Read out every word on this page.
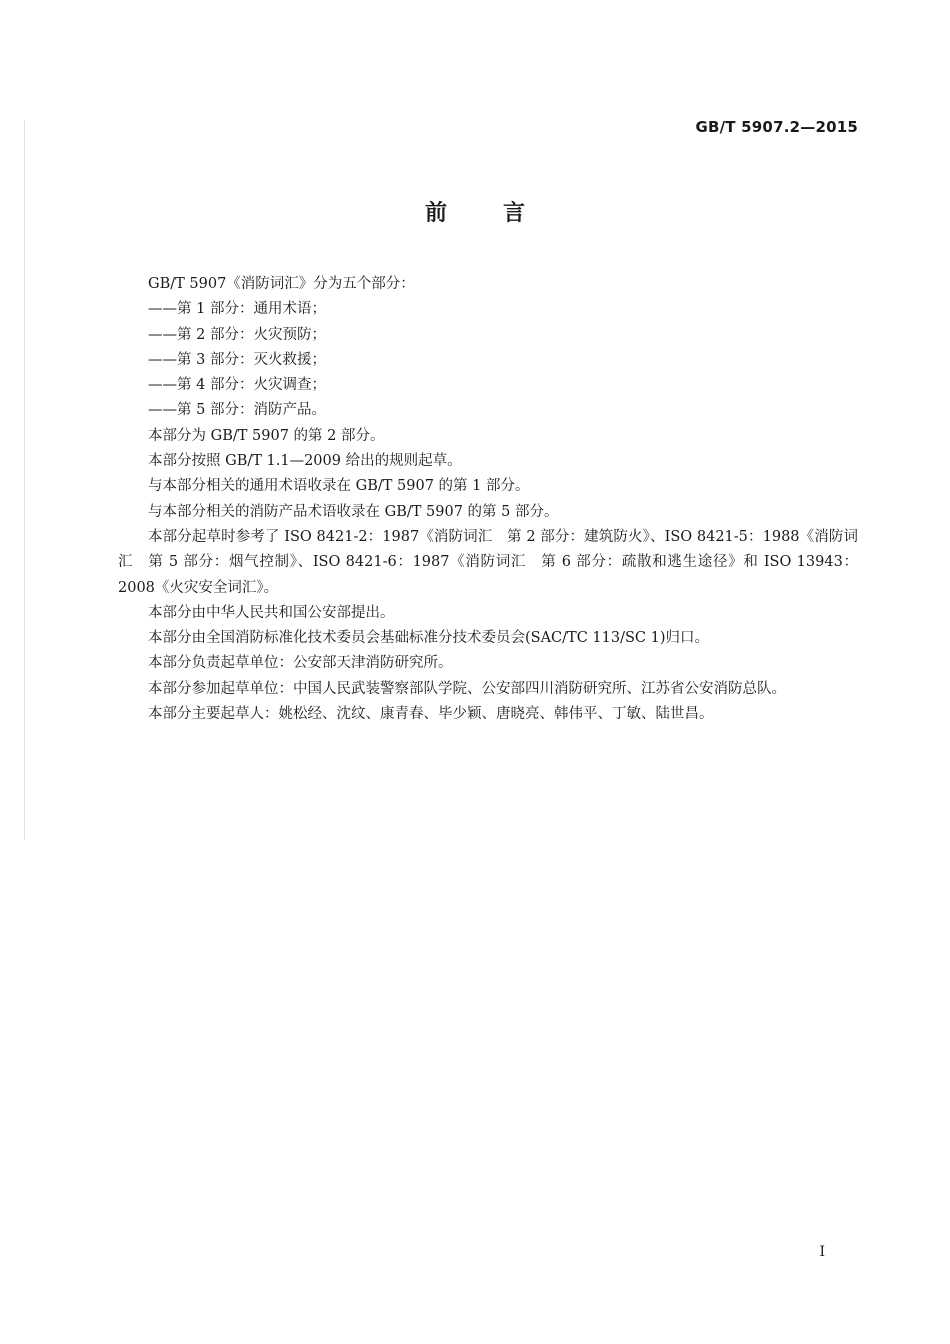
GB/T 5907.2—2015
前言

GB/T 5907《消防词汇》分为五个部分：

——第 1 部分：通用术语；

——第 2 部分：火灾预防；

——第 3 部分：灭火救援；

——第 4 部分：火灾调查；

——第 5 部分：消防产品。

本部分为 GB/T 5907 的第 2 部分。

本部分按照 GB/T 1.1—2009 给出的规则起草。

与本部分相关的通用术语收录在 GB/T 5907 的第 1 部分。

与本部分相关的消防产品术语收录在 GB/T 5907 的第 5 部分。

本部分起草时参考了 ISO 8421-2：1987《消防词汇　第 2 部分：建筑防火》、ISO 8421-5：1988《消防词汇　第 5 部分：烟气控制》、ISO 8421-6：1987《消防词汇　第 6 部分：疏散和逃生途径》和 ISO 13943：2008《火灾安全词汇》。

本部分由中华人民共和国公安部提出。

本部分由全国消防标准化技术委员会基础标准分技术委员会(SAC/TC 113/SC 1)归口。

本部分负责起草单位：公安部天津消防研究所。

本部分参加起草单位：中国人民武装警察部队学院、公安部四川消防研究所、江苏省公安消防总队。

本部分主要起草人：姚松经、沈纹、康青春、毕少颖、唐晓亮、韩伟平、丁敏、陆世昌。

I
